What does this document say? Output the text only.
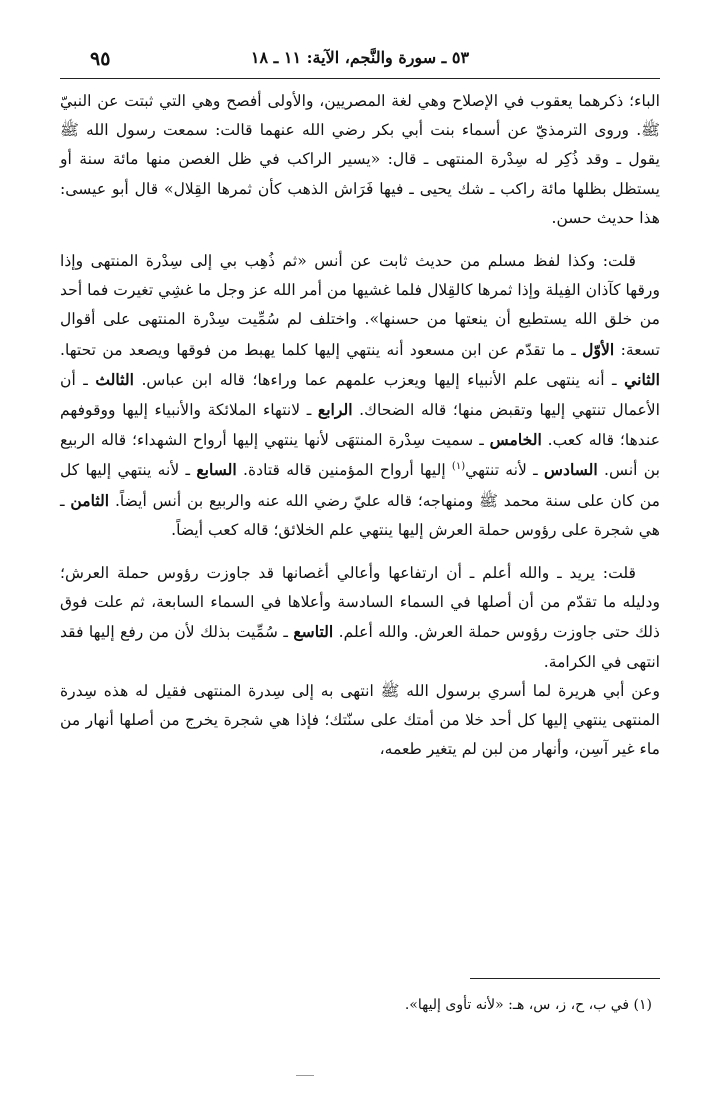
٩٥	٥٣ ـ سورة والنَّجم، الآية: ١١ ـ ١٨

الباء؛ ذكرهما يعقوب في الإصلاح وهي لغة المصريين، والأولى أفصح وهي التي ثبتت عن النبيّ ﷺ. وروى الترمذيّ عن أسماء بنت أبي بكر رضي الله عنهما قالت: سمعت رسول الله ﷺ يقول ـ وقد ذُكِر له سِدْرة المنتهى ـ قال: «يسير الراكب في ظل الغصن منها مائة سنة أو يستظل بظلها مائة راكب ـ شك يحيى ـ فيها فَرَاش الذهب كأن ثمرها القِلال» قال أبو عيسى: هذا حديث حسن.

قلت: وكذا لفظ مسلم من حديث ثابت عن أنس «ثم ذُهِب بي إلى سِدْرة المنتهى وإذا ورقها كآذان الفِيلة وإذا ثمرها كالقِلال فلما غشيها من أمر الله عز وجل ما غشِي تغيرت فما أحد من خلق الله يستطيع أن ينعتها من حسنها». واختلف لم سُمِّيت سِدْرة المنتهى على أقوال تسعة: الأوّل ـ ما تقدّم عن ابن مسعود أنه ينتهي إليها كلما يهبط من فوقها ويصعد من تحتها. الثاني ـ أنه ينتهى علم الأنبياء إليها ويعزب علمهم عما وراءها؛ قاله ابن عباس. الثالث ـ أن الأعمال تنتهي إليها وتقبض منها؛ قاله الضحاك. الرابع ـ لانتهاء الملائكة والأنبياء إليها ووقوفهم عندها؛ قاله كعب. الخامس ـ سميت سِدْرة المنتهَى لأنها ينتهي إليها أرواح الشهداء؛ قاله الربيع بن أنس. السادس ـ لأنه تنتهي$^{(١)}$ إليها أرواح المؤمنين قاله قتادة. السابع ـ لأنه ينتهي إليها كل من كان على سنة محمد ﷺ ومنهاجه؛ قاله عليّ رضي الله عنه والربيع بن أنس أيضاً. الثامن ـ هي شجرة على رؤوس حملة العرش إليها ينتهي علم الخلائق؛ قاله كعب أيضاً.

قلت: يريد ـ والله أعلم ـ أن ارتفاعها وأعالي أغصانها قد جاوزت رؤوس حملة العرش؛ ودليله ما تقدّم من أن أصلها في السماء السادسة وأعلاها في السماء السابعة، ثم علت فوق ذلك حتى جاوزت رؤوس حملة العرش. والله أعلم. التاسع ـ سُمِّيت بذلك لأن من رفع إليها فقد انتهى في الكرامة.

وعن أبي هريرة لما أسري برسول الله ﷺ انتهى به إلى سِدرة المنتهى فقيل له هذه سِدرة المنتهى ينتهي إليها كل أحد خلا من أمتك على سنّتك؛ فإذا هي شجرة يخرج من أصلها أنهار من ماء غير آسِن، وأنهار من لبن لم يتغير طعمه،

(١) في ب، ح، ز، س، هـ: «لأنه تأوى إليها».
